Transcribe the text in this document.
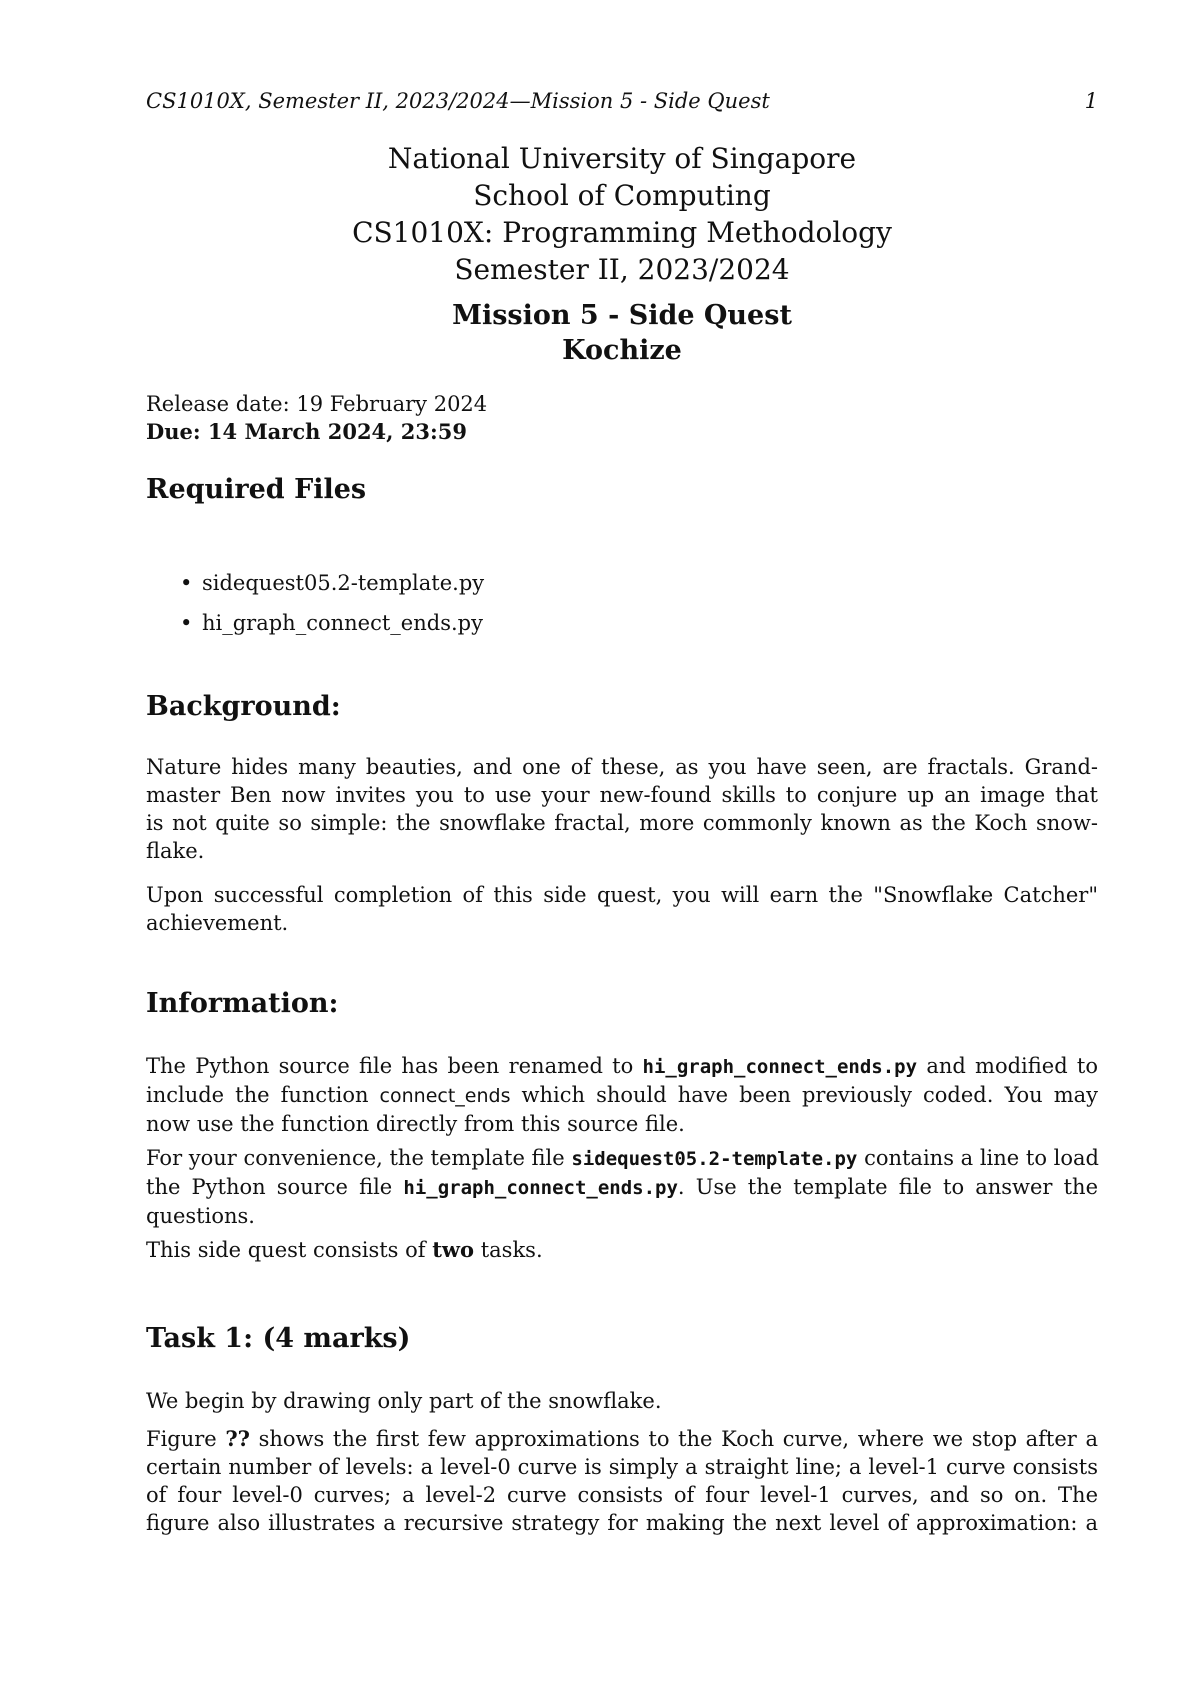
CS1010X, Semester II, 2023/2024—Mission 5 - Side Quest	1
National University of Singapore
School of Computing
CS1010X: Programming Methodology
Semester II, 2023/2024
Mission 5 - Side Quest
Kochize
Release date: 19 February 2024
Due: 14 March 2024, 23:59
Required Files
• sidequest05.2-template.py
• hi_graph_connect_ends.py
Background:
Nature hides many beauties, and one of these, as you have seen, are fractals. Grand-
master Ben now invites you to use your new-found skills to conjure up an image that
is not quite so simple: the snowflake fractal, more commonly known as the Koch snow-
flake.
Upon successful completion of this side quest, you will earn the "Snowflake Catcher"
achievement.
Information:
The Python source file has been renamed to hi_graph_connect_ends.py and modified to
include the function connect_ends which should have been previously coded. You may
now use the function directly from this source file.
For your convenience, the template file sidequest05.2-template.py contains a line to load
the Python source file hi_graph_connect_ends.py. Use the template file to answer the
questions.
This side quest consists of two tasks.
Task 1: (4 marks)
We begin by drawing only part of the snowflake.
Figure ?? shows the first few approximations to the Koch curve, where we stop after a
certain number of levels: a level-0 curve is simply a straight line; a level-1 curve consists
of four level-0 curves; a level-2 curve consists of four level-1 curves, and so on. The
figure also illustrates a recursive strategy for making the next level of approximation: a
